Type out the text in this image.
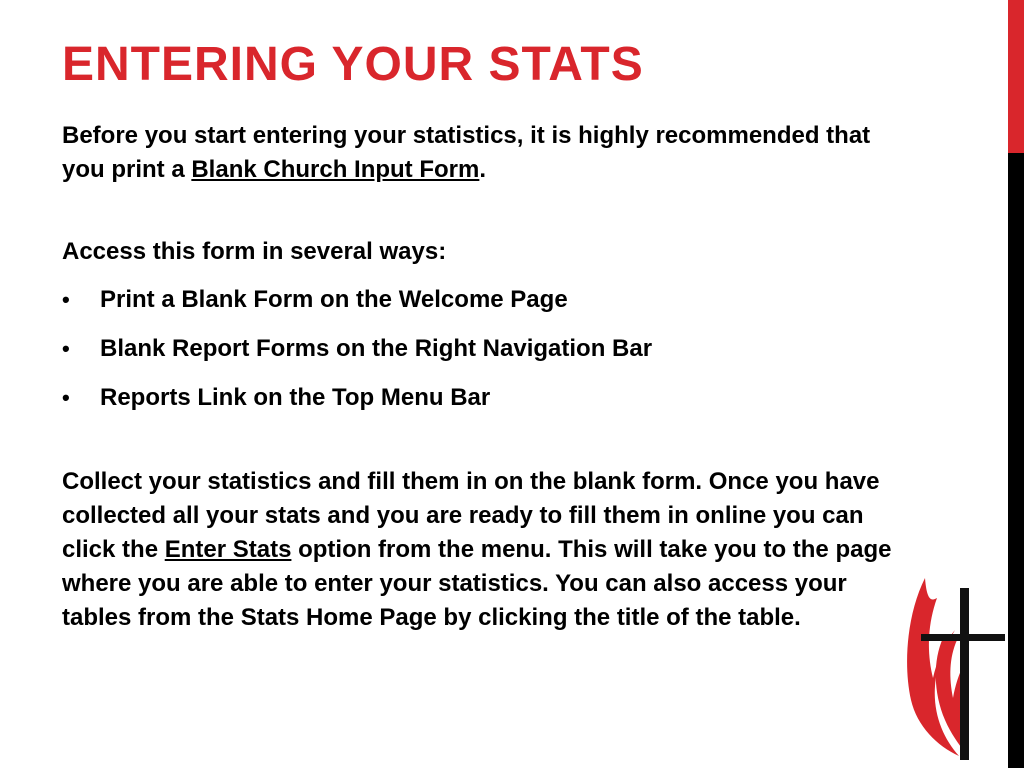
ENTERING YOUR STATS

Before you start entering your statistics, it is highly recommended that you print a Blank Church Input Form.

Access this form in several ways:

•	Print a Blank Form on the Welcome Page
•	Blank Report Forms on the Right Navigation Bar
•	Reports Link on the Top Menu Bar

Collect your statistics and fill them in on the blank form. Once you have collected all your stats and you are ready to fill them in online you can click the Enter Stats option from the menu. This will take you to the page where you are able to enter your statistics. You can also access your tables from the Stats Home Page by clicking the title of the table.
